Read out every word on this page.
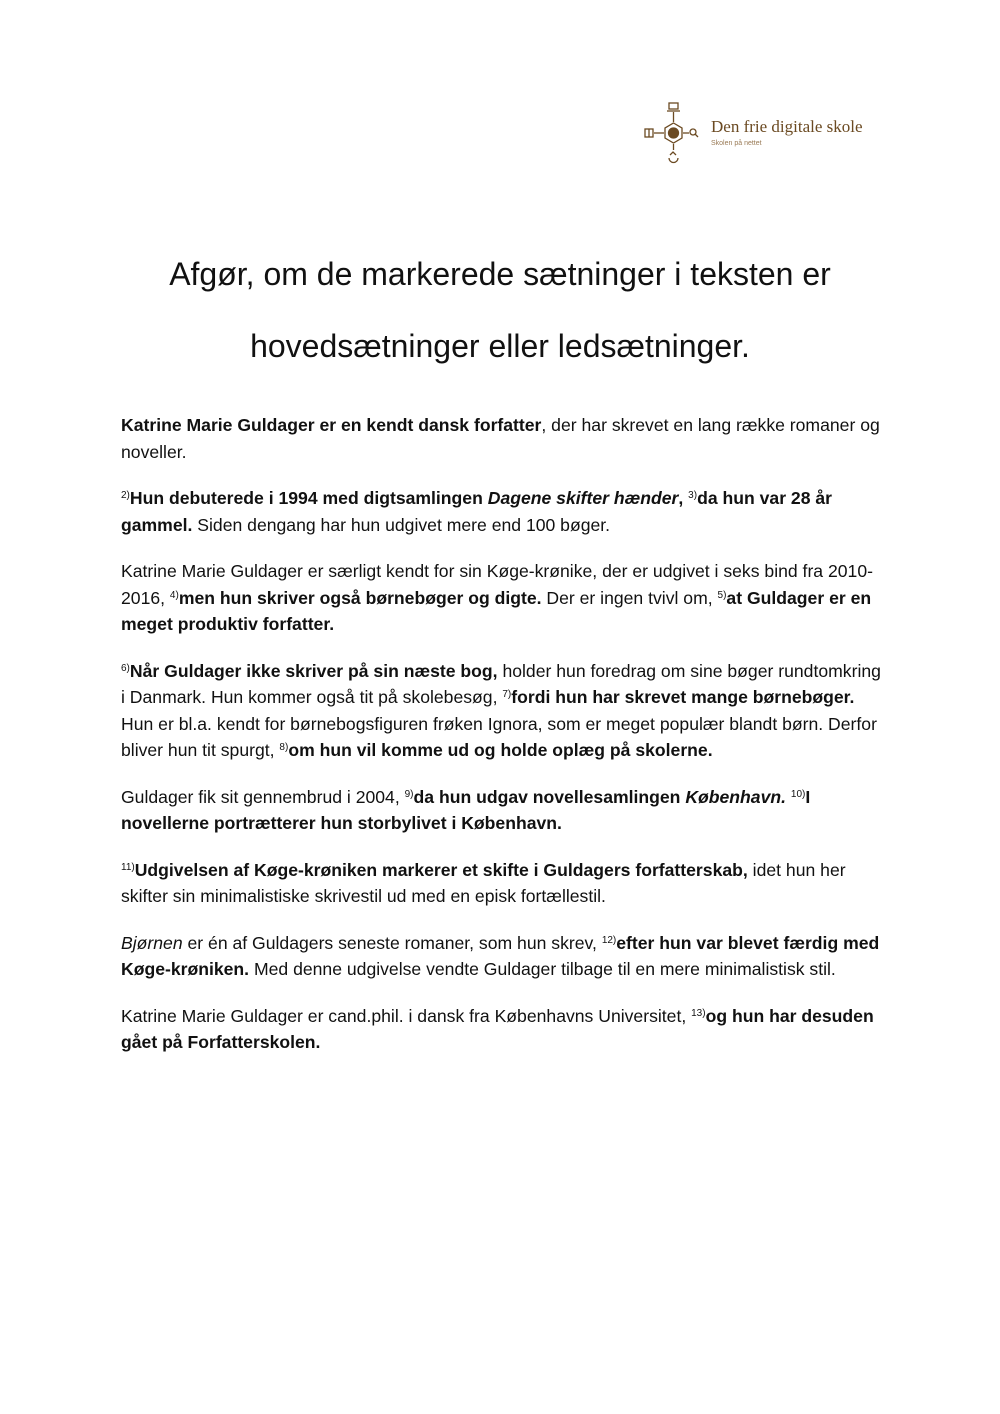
Den frie digitale skole
Skolen på nettet
Afgør, om de markerede sætninger i teksten er
hovedsætninger eller ledsætninger.

Katrine Marie Guldager er en kendt dansk forfatter, der har skrevet en lang række romaner og noveller.

$^{2)}$Hun debuterede i 1994 med digtsamlingen Dagene skifter hænder, $^{3)}$da hun var 28 år gammel. Siden dengang har hun udgivet mere end 100 bøger.

Katrine Marie Guldager er særligt kendt for sin Køge-krønike, der er udgivet i seks bind fra 2010-2016, $^{4)}$men hun skriver også børnebøger og digte. Der er ingen tvivl om, $^{5)}$at Guldager er en meget produktiv forfatter.

$^{6)}$Når Guldager ikke skriver på sin næste bog, holder hun foredrag om sine bøger rundtomkring i Danmark. Hun kommer også tit på skolebesøg, $^{7)}$fordi hun har skrevet mange børnebøger. Hun er bl.a. kendt for børnebogsfiguren frøken Ignora, som er meget populær blandt børn. Derfor bliver hun tit spurgt, $^{8)}$om hun vil komme ud og holde oplæg på skolerne.

Guldager fik sit gennembrud i 2004, $^{9)}$da hun udgav novellesamlingen København. $^{10)}$I novellerne portrætterer hun storbylivet i København.

$^{11)}$Udgivelsen af Køge-krøniken markerer et skifte i Guldagers forfatterskab, idet hun her skifter sin minimalistiske skrivestil ud med en episk fortællestil.

Bjørnen er én af Guldagers seneste romaner, som hun skrev, $^{12)}$efter hun var blevet færdig med Køge-krøniken. Med denne udgivelse vendte Guldager tilbage til en mere minimalistisk stil.

Katrine Marie Guldager er cand.phil. i dansk fra Københavns Universitet, $^{13)}$og hun har desuden gået på Forfatterskolen.
